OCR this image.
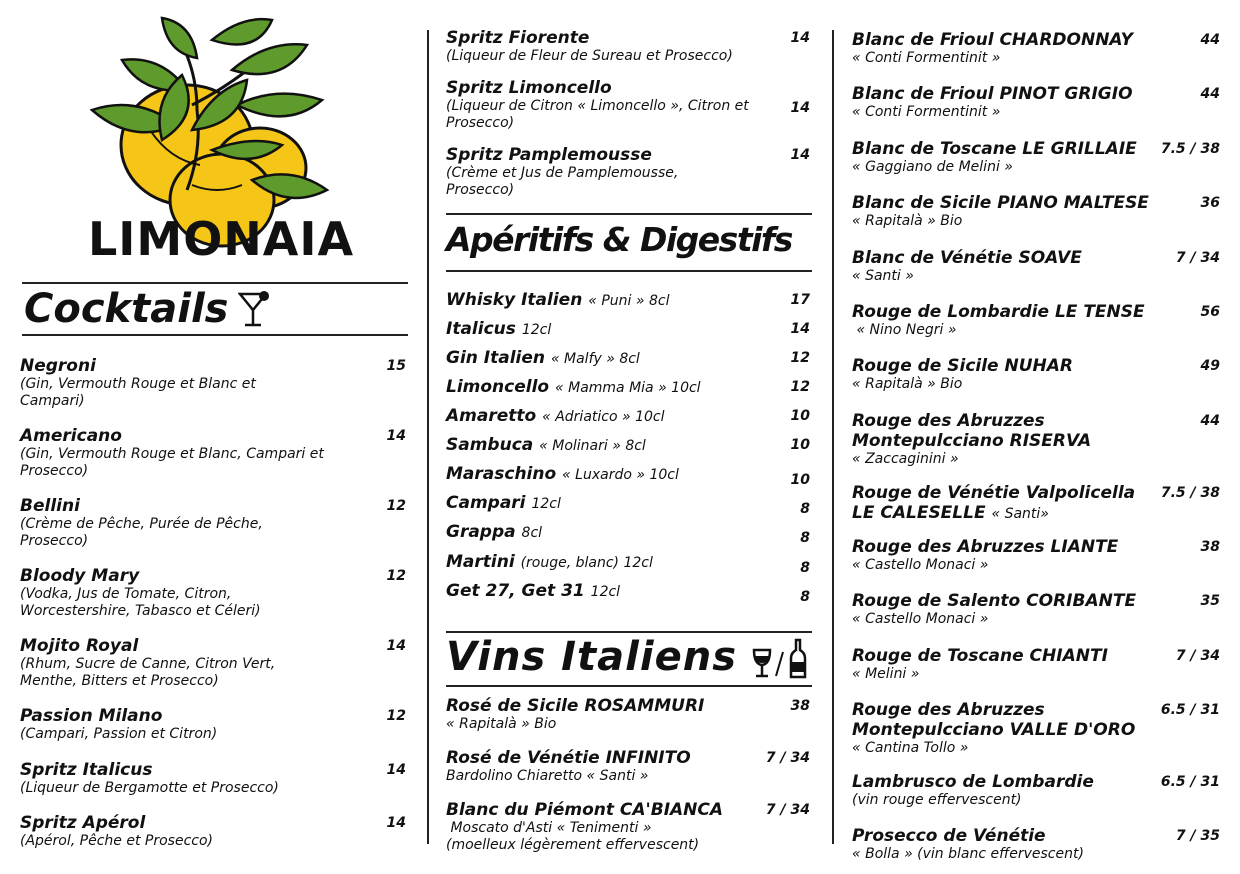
LIMONAIA
Cocktails
Negroni
(Gin, Vermouth Rouge et Blanc et Campari)
15
Americano
(Gin, Vermouth Rouge et Blanc, Campari et Prosecco)
14
Bellini
(Crème de Pêche, Purée de Pêche, Prosecco)
12
Bloody Mary
(Vodka, Jus de Tomate, Citron, Worcestershire, Tabasco et Céleri)
12
Mojito Royal
(Rhum, Sucre de Canne, Citron Vert, Menthe, Bitters et Prosecco)
14
Passion Milano
(Campari, Passion et Citron)
12
Spritz Italicus
(Liqueur de Bergamotte et Prosecco)
14
Spritz Apérol
(Apérol, Pêche et Prosecco)
14
Spritz Fiorente
(Liqueur de Fleur de Sureau et Prosecco)
14
Spritz Limoncello
(Liqueur de Citron « Limoncello », Citron et Prosecco)
14
Spritz Pamplemousse
(Crème et Jus de Pamplemousse, Prosecco)
14
Apéritifs & Digestifs
Whisky Italien « Puni » 8cl	17
Italicus 12cl	14
Gin Italien « Malfy » 8cl	12
Limoncello « Mamma Mia » 10cl	12
Amaretto « Adriatico » 10cl	10
Sambuca « Molinari » 8cl	10
Maraschino « Luxardo » 10cl	10
Campari 12cl	8
Grappa 8cl	8
Martini (rouge, blanc) 12cl	8
Get 27, Get 31 12cl	8
Vins Italiens
Rosé de Sicile ROSAMMURI
« Rapitalà » Bio
38
Rosé de Vénétie INFINITO
Bardolino Chiaretto « Santi »
7 / 34
Blanc du Piémont CA'BIANCA
Moscato d'Asti « Tenimenti »
(moelleux légèrement effervescent)
7 / 34
Blanc de Frioul CHARDONNAY
« Conti Formentinit »
44
Blanc de Frioul PINOT GRIGIO
« Conti Formentinit »
44
Blanc de Toscane LE GRILLAIE
« Gaggiano de Melini »
7.5 / 38
Blanc de Sicile PIANO MALTESE
« Rapitalà » Bio
36
Blanc de Vénétie SOAVE
« Santi »
7 / 34
Rouge de Lombardie LE TENSE
« Nino Negri »
56
Rouge de Sicile NUHAR
« Rapitalà » Bio
49
Rouge des Abruzzes
Montepulcciano RISERVA
« Zaccaginini »
44
Rouge de Vénétie Valpolicella
LE CALESELLE « Santi»
7.5 / 38
Rouge des Abruzzes LIANTE
« Castello Monaci »
38
Rouge de Salento CORIBANTE
« Castello Monaci »
35
Rouge de Toscane CHIANTI
« Melini »
7 / 34
Rouge des Abruzzes
Montepulcciano VALLE D'ORO
« Cantina Tollo »
6.5 / 31
Lambrusco de Lombardie
(vin rouge effervescent)
6.5 / 31
Prosecco de Vénétie
« Bolla » (vin blanc effervescent)
7 / 35
